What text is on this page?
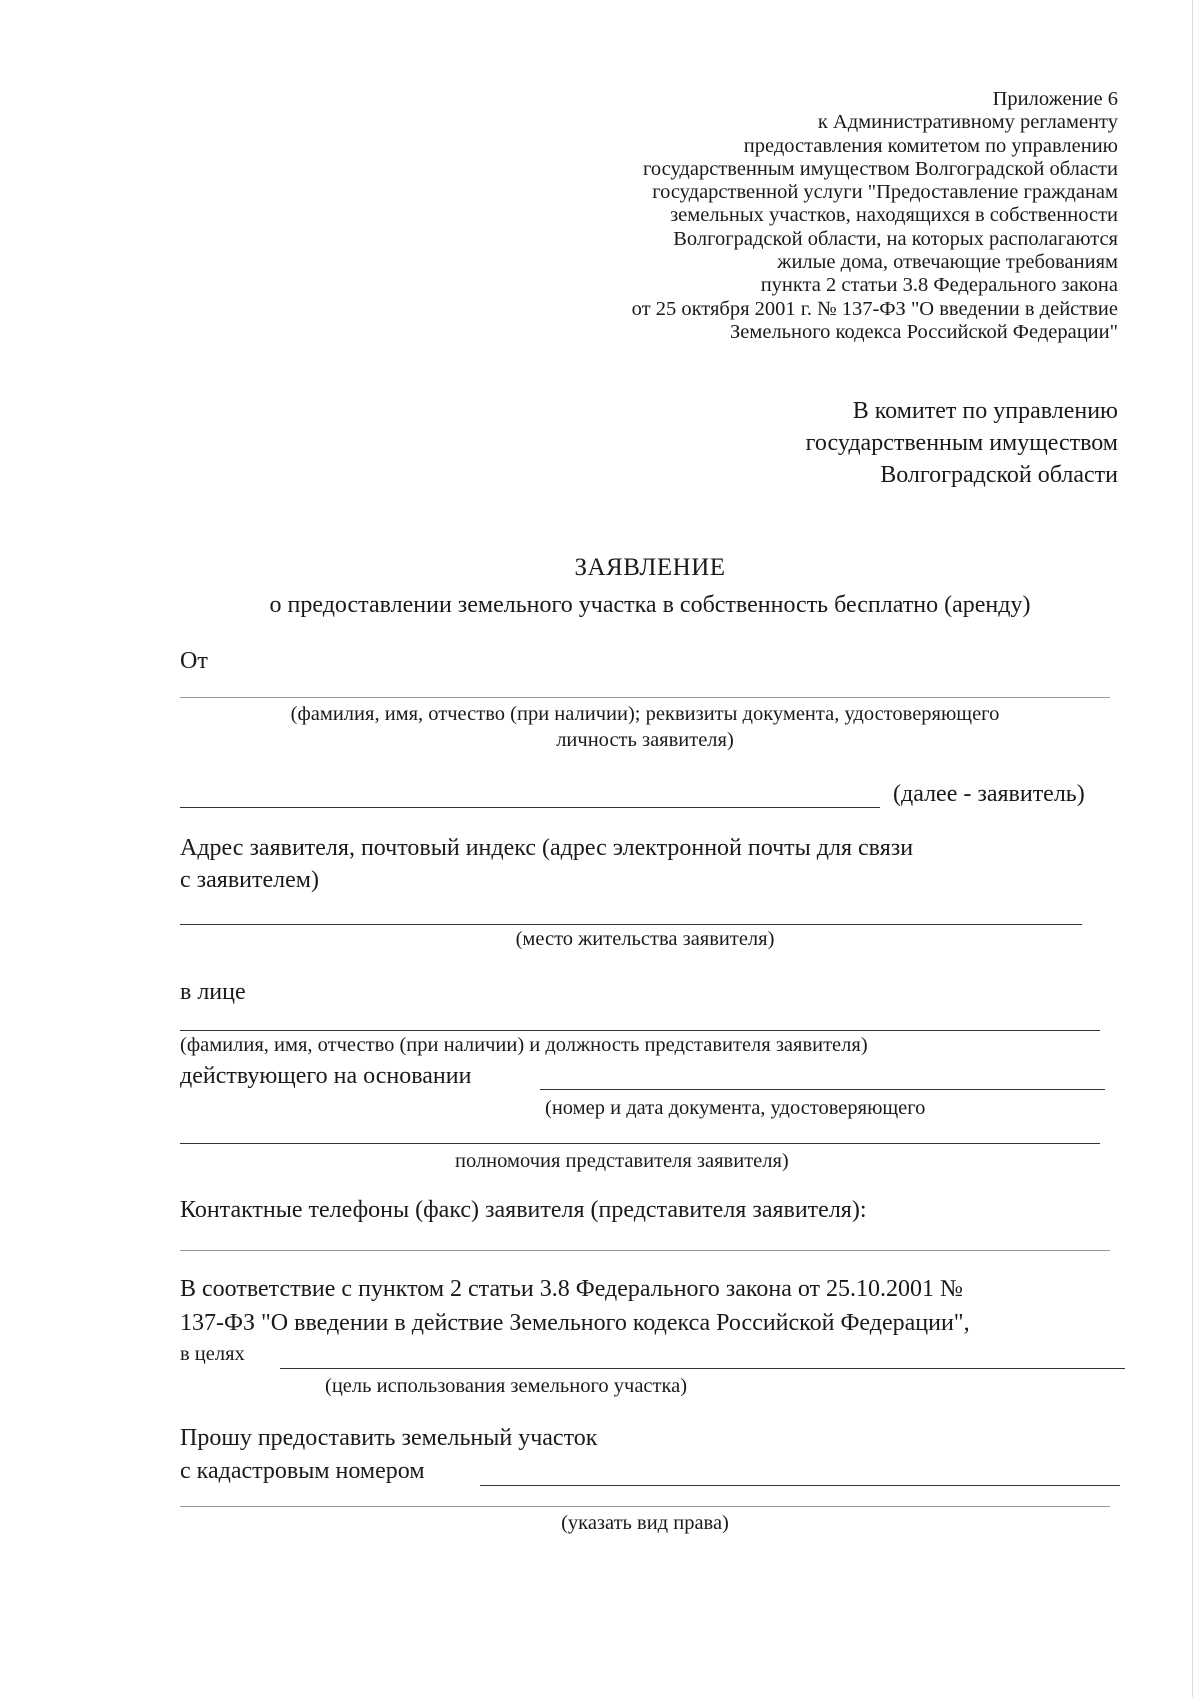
Приложение 6
к Административному регламенту
предоставления комитетом по управлению
государственным имуществом Волгоградской области
государственной услуги "Предоставление гражданам
земельных участков, находящихся в собственности
Волгоградской области, на которых располагаются
жилые дома, отвечающие требованиям
пункта 2 статьи 3.8 Федерального закона
от 25 октября 2001 г. № 137-ФЗ "О введении в действие
Земельного кодекса Российской Федерации"
В комитет по управлению
государственным имуществом
Волгоградской области
ЗАЯВЛЕНИЕ
о предоставлении земельного участка в собственность бесплатно (аренду)
От
(фамилия, имя, отчество (при наличии); реквизиты документа, удостоверяющего
личность заявителя)
(далее - заявитель)
Адрес заявителя, почтовый индекс (адрес электронной почты для связи
с заявителем)
(место жительства заявителя)
в лице
(фамилия, имя, отчество (при наличии) и должность представителя заявителя)
действующего на основании
(номер и дата документа, удостоверяющего
полномочия представителя заявителя)
Контактные телефоны (факс) заявителя (представителя заявителя):
В соответствие с пунктом 2 статьи 3.8 Федерального закона от 25.10.2001 №
137-ФЗ "О введении в действие Земельного кодекса Российской Федерации",
в целях
(цель использования земельного участка)
Прошу предоставить земельный участок
с кадастровым номером
(указать вид права)
